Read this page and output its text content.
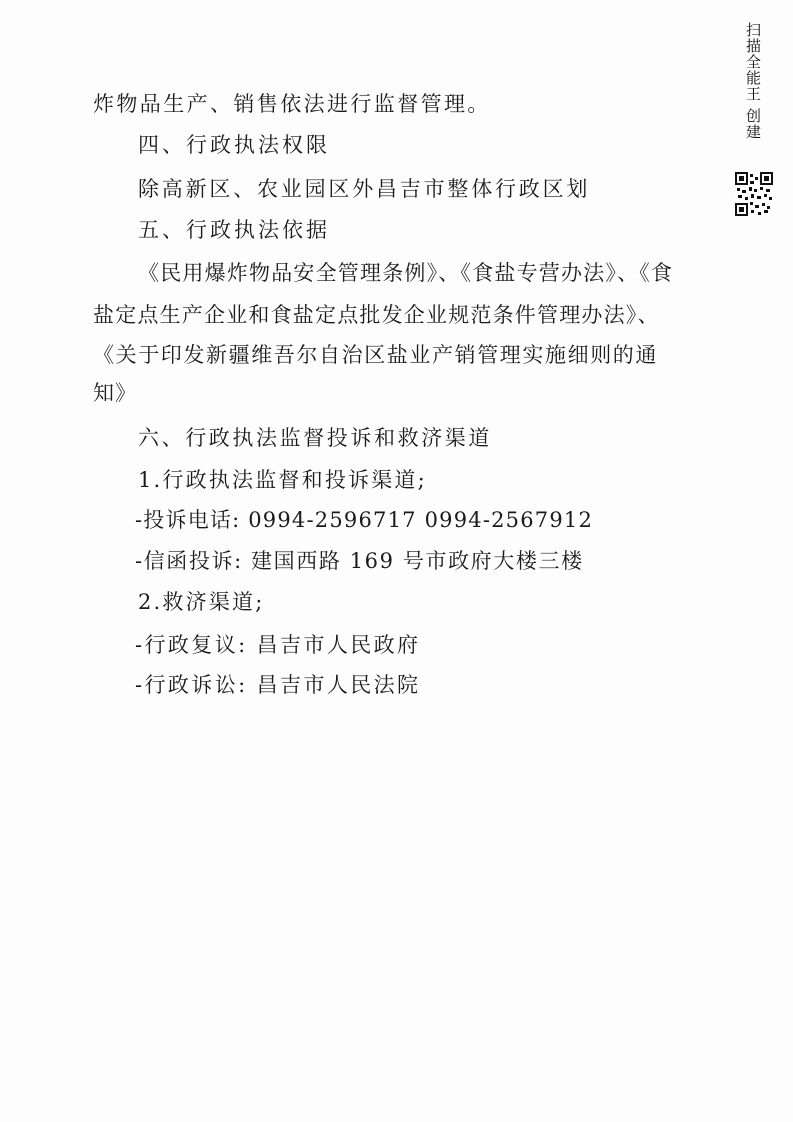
炸物品生产、销售依法进行监督管理。
四、行政执法权限
除高新区、农业园区外昌吉市整体行政区划
五、行政执法依据
《民用爆炸物品安全管理条例》、《食盐专营办法》、《食
盐定点生产企业和食盐定点批发企业规范条件管理办法》、
《关于印发新疆维吾尔自治区盐业产销管理实施细则的通
知》
六、行政执法监督投诉和救济渠道
1.行政执法监督和投诉渠道;
-投诉电话: 0994-2596717 0994-2567912
-信函投诉: 建国西路 169 号市政府大楼三楼
2.救济渠道;
-行政复议: 昌吉市人民政府
-行政诉讼: 昌吉市人民法院
扫描全能王 创建
